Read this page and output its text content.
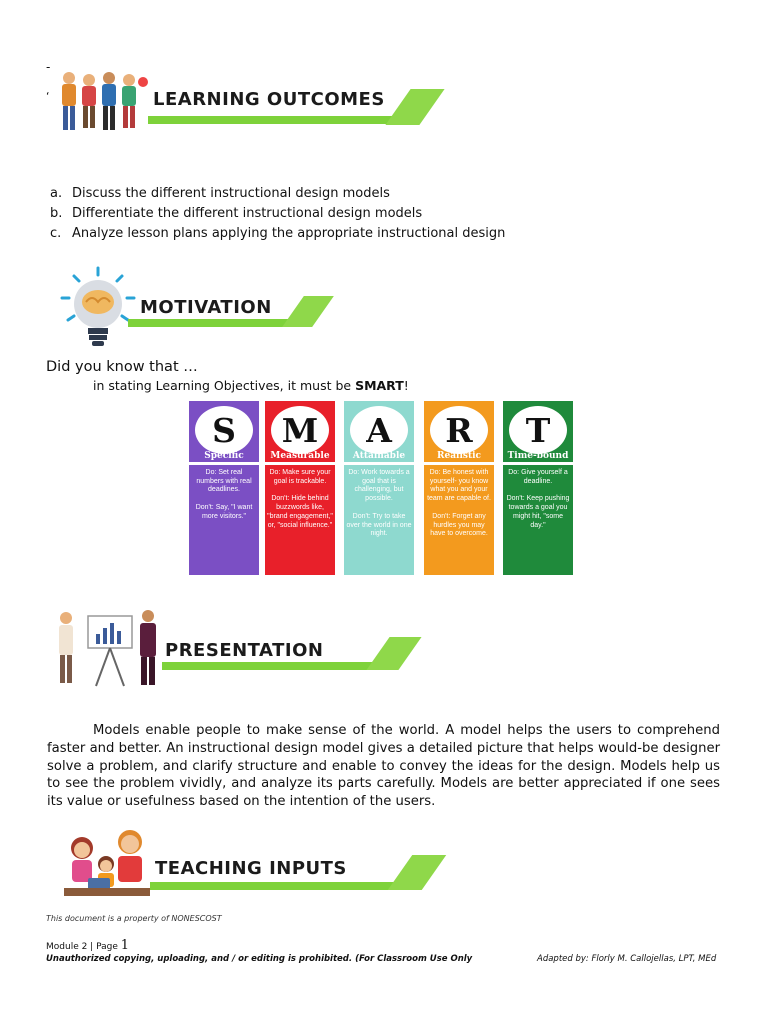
-
‘	LEARNING OUTCOMES
a. Discuss the different instructional design models
b. Differentiate the different instructional design models
c. Analyze lesson plans applying the appropriate instructional design
MOTIVATION
Did you know that …
in stating Learning Objectives, it must be SMART!
S
Specific

Do: Set real numbers with real deadlines.

Don't: Say, "I want more visitors."

M
Measurable

Do: Make sure your goal is trackable.

Don't: Hide behind buzzwords like, "brand engagement," or, "social influence."

A
Attainable

Do: Work towards a goal that is challenging, but possible.

Don't: Try to take over the world in one night.

R
Realistic

Do: Be honest with yourself- you know what you and your team are capable of.

Don't: Forget any hurdles you may have to overcome.

T
Time-bound

Do: Give yourself a deadline.

Don't: Keep pushing towards a goal you might hit, "some day."

PRESENTATION
Models enable people to make sense of the world. A model helps the users to comprehend faster and better. An instructional design model gives a detailed picture that helps would-be designer solve a problem, and clarify structure and enable to convey the ideas for the design. Models help us to see the problem vividly, and analyze its parts carefully. Models are better appreciated if one sees its value or usefulness based on the intention of the users.
TEACHING INPUTS
This document is a property of NONESCOST
Module 2 | Page 1
Unauthorized copying, uploading, and / or editing is prohibited. (For Classroom Use Only	Adapted by: Florly M. Callojellas, LPT, MEd
